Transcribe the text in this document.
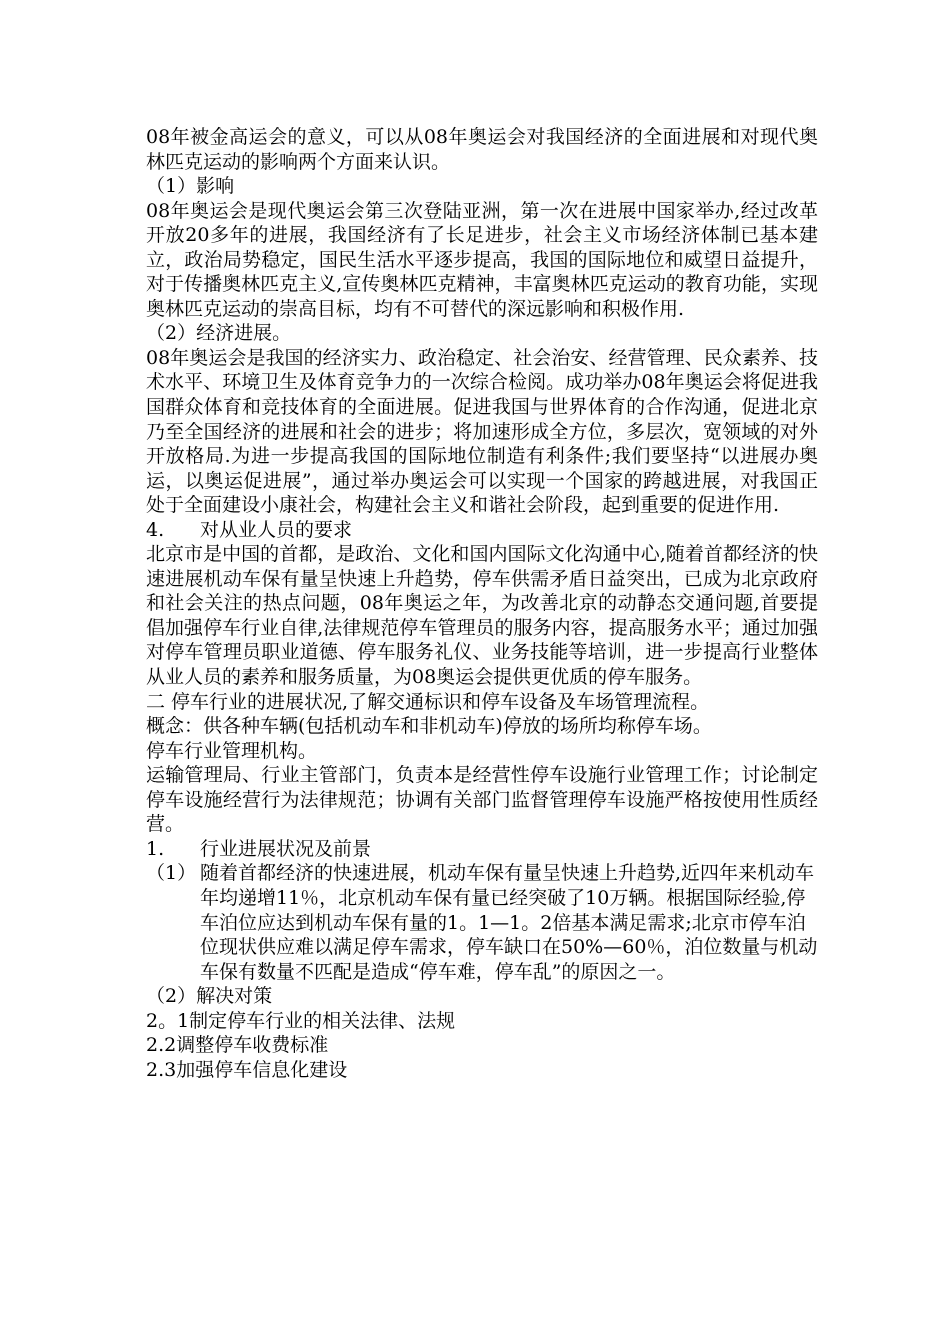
08年被金高运会的意义，可以从08年奥运会对我国经济的全面进展和对现代奥林匹克运动的影响两个方面来认识。

（1）影响

08年奥运会是现代奥运会第三次登陆亚洲，第一次在进展中国家举办,经过改革开放20多年的进展，我国经济有了长足进步，社会主义市场经济体制已基本建立，政治局势稳定，国民生活水平逐步提高，我国的国际地位和威望日益提升，对于传播奥林匹克主义,宣传奥林匹克精神，丰富奥林匹克运动的教育功能，实现奥林匹克运动的崇高目标，均有不可替代的深远影响和积极作用.

（2）经济进展。

08年奥运会是我国的经济实力、政治稳定、社会治安、经营管理、民众素养、技术水平、环境卫生及体育竞争力的一次综合检阅。成功举办08年奥运会将促进我国群众体育和竞技体育的全面进展。促进我国与世界体育的合作沟通，促进北京乃至全国经济的进展和社会的进步；将加速形成全方位，多层次，宽领域的对外开放格局.为进一步提高我国的国际地位制造有利条件;我们要坚持“以进展办奥运，以奥运促进展”，通过举办奥运会可以实现一个国家的跨越进展，对我国正处于全面建设小康社会，构建社会主义和谐社会阶段，起到重要的促进作用.

4.	对从业人员的要求

北京市是中国的首都，是政治、文化和国内国际文化沟通中心,随着首都经济的快速进展机动车保有量呈快速上升趋势，停车供需矛盾日益突出，已成为北京政府和社会关注的热点问题，08年奥运之年，为改善北京的动静态交通问题,首要提倡加强停车行业自律,法律规范停车管理员的服务内容，提高服务水平；通过加强对停车管理员职业道德、停车服务礼仪、业务技能等培训，进一步提高行业整体从业人员的素养和服务质量，为08奥运会提供更优质的停车服务。

二 停车行业的进展状况,了解交通标识和停车设备及车场管理流程。

概念：供各种车辆(包括机动车和非机动车)停放的场所均称停车场。

停车行业管理机构。

运输管理局、行业主管部门，负责本是经营性停车设施行业管理工作；讨论制定停车设施经营行为法律规范；协调有关部门监督管理停车设施严格按使用性质经营。

1.	行业进展状况及前景
（1） 随着首都经济的快速进展，机动车保有量呈快速上升趋势,近四年来机动车年均递增11％，北京机动车保有量已经突破了10万辆。根据国际经验,停车泊位应达到机动车保有量的1。1—1。2倍基本满足需求;北京市停车泊位现状供应难以满足停车需求，停车缺口在50%—60％，泊位数量与机动车保有数量不匹配是造成“停车难，停车乱”的原因之一。

（2）解决对策

2。1制定停车行业的相关法律、法规

2.2调整停车收费标准

2.3加强停车信息化建设
